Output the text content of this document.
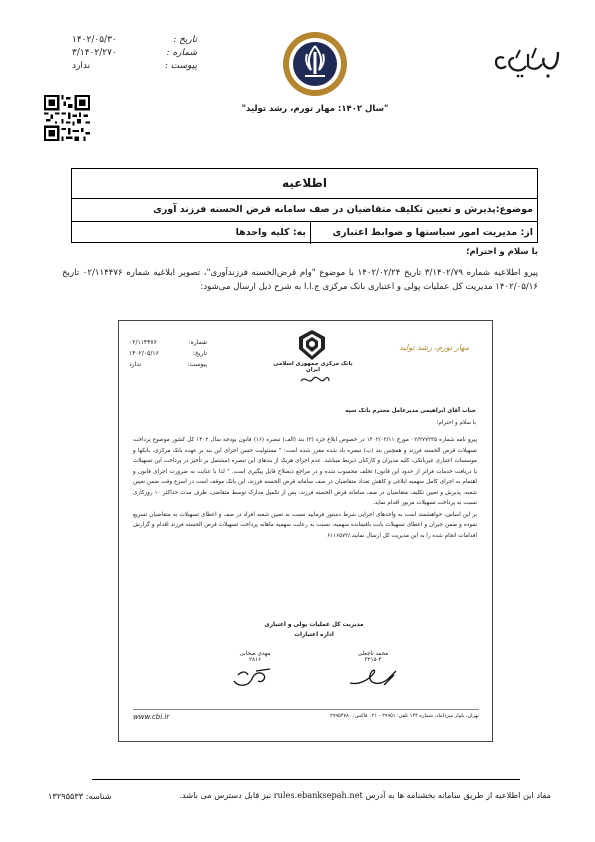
تاریخ :
۱۴۰۲/۰۵/۳۰
شماره :
۳/۱۴۰۲/۲۷۰
پیوست :
ندارد
"سال ۱۴۰۲: مهار تورم، رشد تولید"
اطلاعیه
موضوع:پذیرش و تعیین تکلیف متقاضیان در صف سامانه قرض الحسنه فرزند آوری
از: مدیریت امور سیاستها و ضوابط اعتباری
به: کلیه واحدها
با سلام و احترام؛
پیرو اطلاعیه شماره ۳/۱۴۰۲/۷۹ تاریخ ۱۴۰۲/۰۲/۲۴ با موضوع "وام قرض‌الحسنه فرزندآوری"، تصویر ابلاغیه شماره ۰۲/۱۱۴۴۷۶ تاریخ ۱۴۰۲/۰۵/۱۶ مدیریت کل عملیات پولی و اعتباری بانک مرکزی ج.ا.ا به شرح ذیل ارسال می‌شود:
شماره:
۰۲/۱۱۴۴۷۶
تاریخ:
۱۴۰۲/۰۵/۱۶
پیوست:
ندارد	بانک مرکزی جمهوری اسلامی ایران
مهار تورم، رشد تولید
جناب آقای ابراهیمی مدیرعامل محترم بانک سپه
با سلام و احترام؛

پیرو نامه شماره ۰۲/۲۷۷۲۳۵ مورخ ۱۴۰۲/۰۲/۱۱ در خصوص ابلاغ جزء (۲) بند (الف) تبصره (۱۶) قانون بودجه سال ۱۴۰۲ کل کشور موضوع پرداخت تسهیلات قرض الحسنه فرزند و همچنین بند (ب) تبصره یاد شده مقرر شده است: " مسئولیت حسن اجرای این بند بر عهده بانک مرکزی، بانکها و موسسات اعتباری غیربانکی، کلیه مدیران و کارکنان ذیربط میباشد. عدم اجرای هریک از بندهای این تبصره (مشتمل بر تأخیر در پرداخت این تسهیلات یا دریافت خدمات فراتر از حدود این قانون) تخلف محسوب شده و در مراجع ذیصلاح قابل پیگیری است. " لذا با عنایت به ضرورت اجرای قانون و اهتمام به اجرای کامل سهمیه ابلاغی و کاهش تعداد متقاضیان در صف سامانه قرض الحسنه فرزند، این بانک موقف است در اسرع وقت ضمن تعیین شعبه، پذیرش و تعیین تکلیف متقاضیان در صف سامانه قرض الحسنه فرزند، پس از تکمیل مدارک توسط متقاضی، ظرف مدت حداکثر ۱۰ روزکاری نسبت به پرداخت تسهیلات مزبور اقدام نماید.

بر این اساس، خواهشمند است به واحدهای اجرایی شرط دستور فرمایید نسبت به تعیین شعبه افراد در صف و اعطای تسهیلات به متقاضیان تسریع نموده و ضمن جبران و اعطای تسهیلات بابت باقیمانده سهمیه، نسبت به رعایت سهمیه ماهانه پرداخت تسهیلات قرض الحسنه فرزند اقدام و گزارش اقدامات انجام شده را به این مدیریت کل ارسال نمایند./۶۱۱۶۵۷۲

مدیریت کل عملیات پولی و اعتباری
اداره اعتبارات
محمد ناجعلی
۳۲۱۵-۴
مهدی صحابی
۲۸۱۶
تهران، بلوار میرداماد، شماره ۱۴۴ تلفن: ۲۹۹۵۱ - ۰۲۱ فاکس: ۲۹۹۵۴۷۸۰
www.cbi.ir
مفاد این اطلاعیه از طریق سامانه بخشنامه ها به آدرس rules.ebanksepah.net نیز قابل دسترس می باشد.
شناسه: ۱۳۲۹۵۵۳۳
